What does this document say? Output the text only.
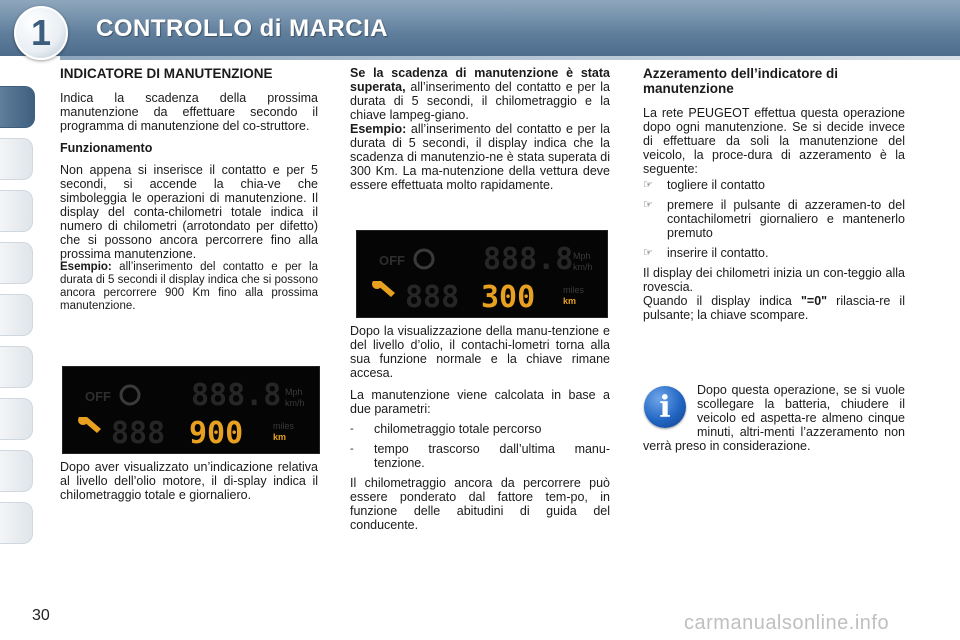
1	CONTROLLO di MARCIA
INDICATORE DI MANUTENZIONE

Indica la scadenza della prossima manutenzione da effettuare secondo il programma di manutenzione del co-struttore.

Funzionamento

Non appena si inserisce il contatto e per 5 secondi, si accende la chia-ve che simboleggia le operazioni di manutenzione. Il display del conta-chilometri totale indica il numero di chilometri (arrotondato per difetto) che si possono ancora percorrere fino alla prossima manutenzione.

Esempio: all’inserimento del contatto e per la durata di 5 secondi il display indica che si possono ancora percorrere 900 Km fino alla prossima manutenzione.

Dopo aver visualizzato un’indicazione relativa al livello dell’olio motore, il di-splay indica il chilometraggio totale e giornaliero.

OFF	888.8 Mph
km/h
888 900	miles
km

Se la scadenza di manutenzione è stata superata, all’inserimento del contatto e per la durata di 5 secondi, il chilometraggio e la chiave lampeg-giano.

Esempio: all’inserimento del contatto e per la durata di 5 secondi, il display indica che la scadenza di manutenzio-ne è stata superata di 300 Km. La ma-nutenzione della vettura deve essere effettuata molto rapidamente.

OFF	888.8 Mph
km/h
888 300	miles
km

Dopo la visualizzazione della manu-tenzione e del livello d’olio, il contachi-lometri torna alla sua funzione normale e la chiave rimane accesa.

La manutenzione viene calcolata in base a due parametri:

-	chilometraggio totale percorso
-	tempo trascorso dall’ultima manu-tenzione.

Il chilometraggio ancora da percorrere può essere ponderato dal fattore tem-po, in funzione delle abitudini di guida del conducente.

Azzeramento dell’indicatore di manutenzione

La rete PEUGEOT effettua questa operazione dopo ogni manutenzione. Se si decide invece di effettuare da soli la manutenzione del veicolo, la proce-dura di azzeramento è la seguente:

☞	togliere il contatto
☞	premere il pulsante di azzeramen-to del contachilometri giornaliero e mantenerlo premuto
☞	inserire il contatto.

Il display dei chilometri inizia un con-teggio alla rovescia.

Quando il display indica "=0" rilascia-re il pulsante; la chiave scompare.

Dopo questa operazione, se si vuole scollegare la batteria, chiudere il veicolo ed aspetta-re almeno cinque minuti, altri-menti l’azzeramento non verrà preso in considerazione.
i
30	carmanualsonline.info
